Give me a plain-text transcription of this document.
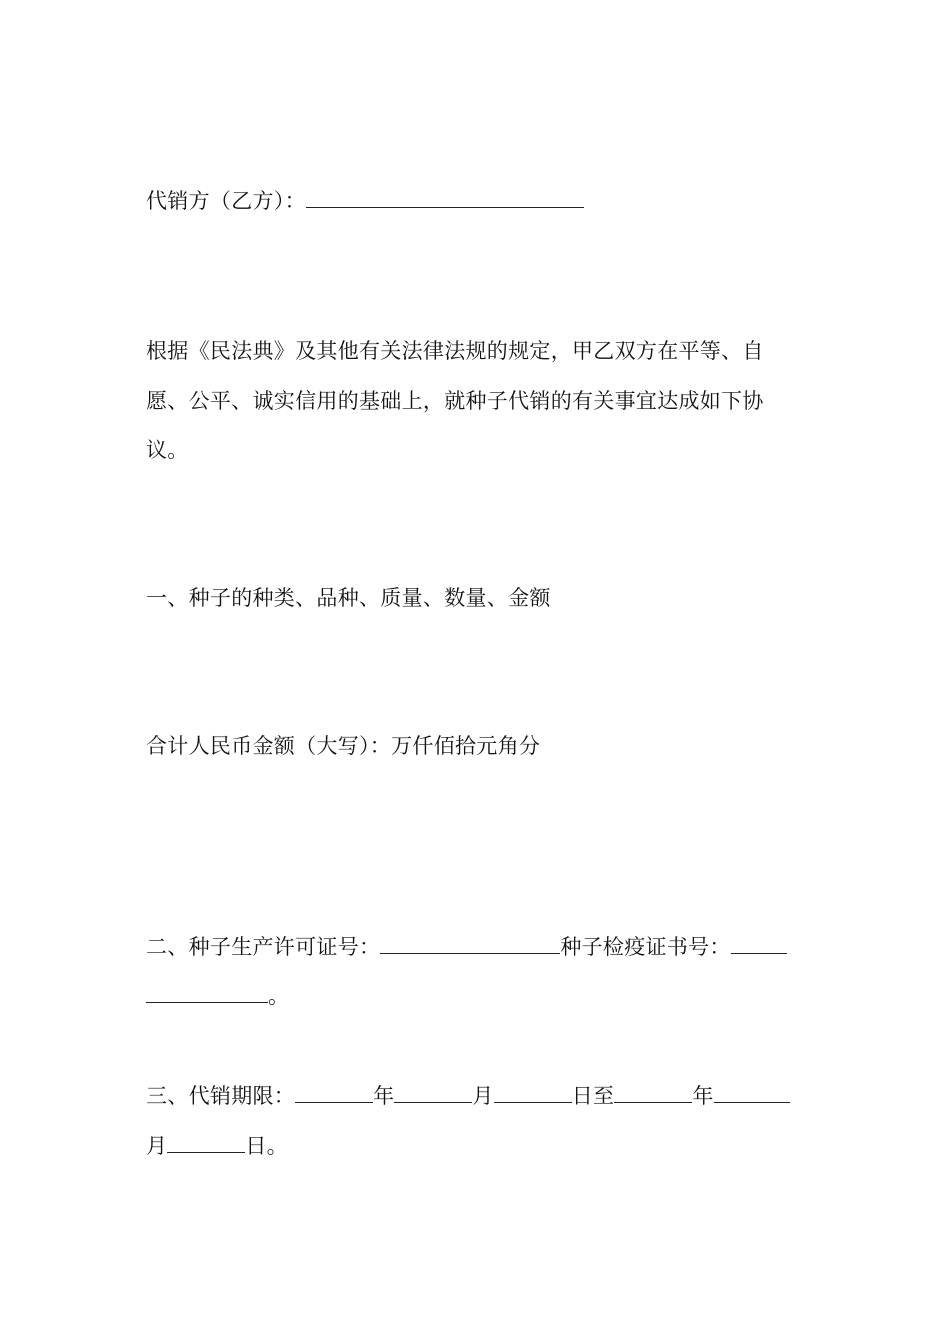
代销方（乙方）：
根据《民法典》及其他有关法律法规的规定，甲乙双方在平等、自
愿、公平、诚实信用的基础上，就种子代销的有关事宜达成如下协
议。
一、种子的种类、品种、质量、数量、金额
合计人民币金额（大写）：万仟佰拾元角分
二、种子生产许可证号：	种子检疫证书号：
。
三、代销期限：	年	月	日至	年
月	日。
